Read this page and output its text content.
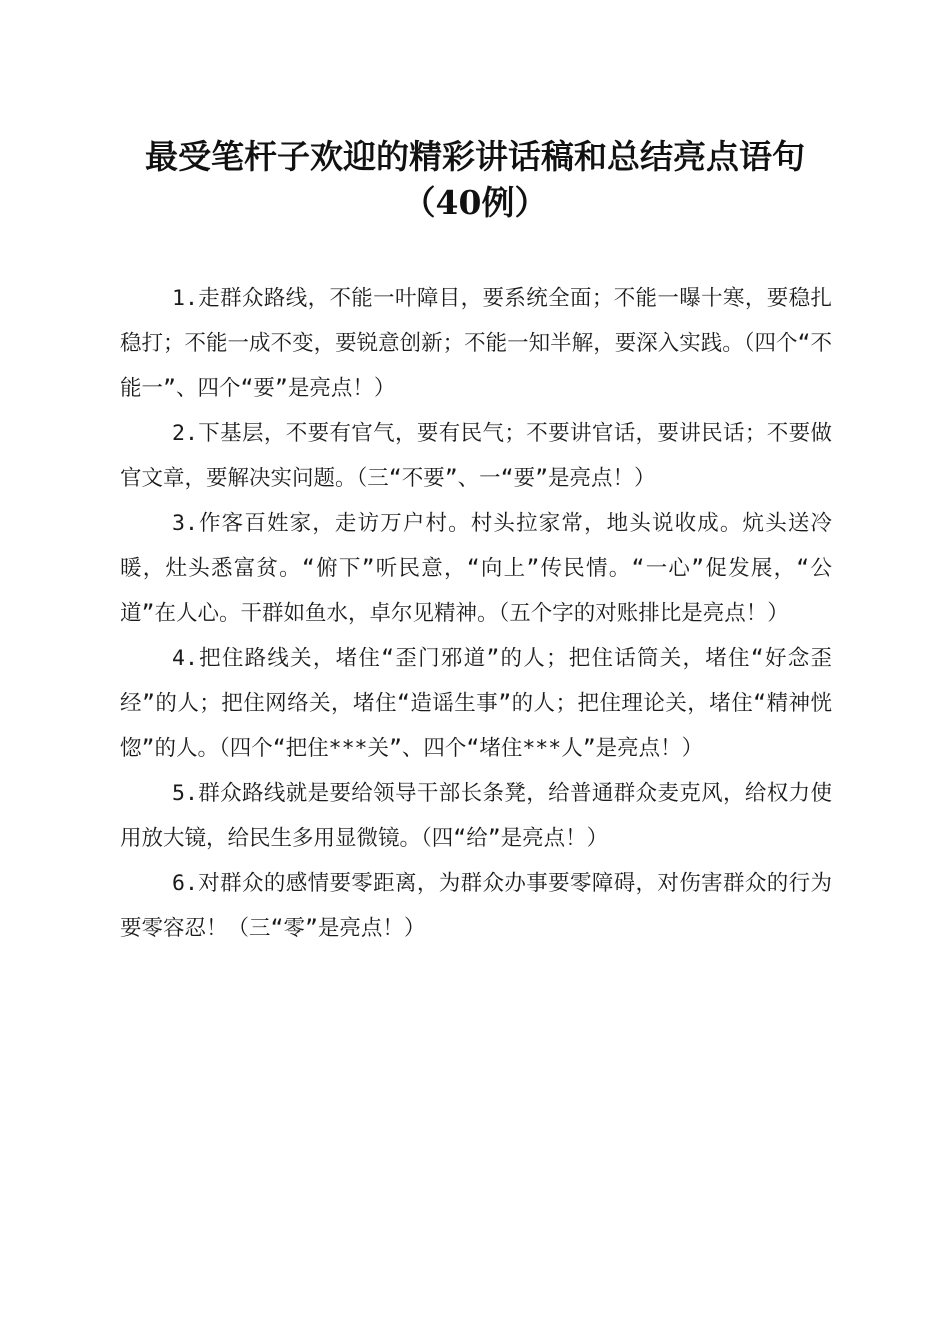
最受笔杆子欢迎的精彩讲话稿和总结亮点语句
（40例）

1.走群众路线，不能一叶障目，要系统全面；不能一曝十寒，要稳扎稳打；不能一成不变，要锐意创新；不能一知半解，要深入实践。（四个“不能一”、四个“要”是亮点！）

2.下基层，不要有官气，要有民气；不要讲官话，要讲民话；不要做官文章，要解决实问题。（三“不要”、一“要”是亮点！）

3.作客百姓家，走访万户村。村头拉家常，地头说收成。炕头送冷暖，灶头悉富贫。“俯下”听民意，“向上”传民情。“一心”促发展，“公道”在人心。干群如鱼水，卓尔见精神。（五个字的对账排比是亮点！）

4.把住路线关，堵住“歪门邪道”的人；把住话筒关，堵住“好念歪经”的人；把住网络关，堵住“造谣生事”的人；把住理论关，堵住“精神恍惚”的人。（四个“把住***关”、四个“堵住***人”是亮点！）

5.群众路线就是要给领导干部长条凳，给普通群众麦克风，给权力使用放大镜，给民生多用显微镜。（四“给”是亮点！）

6.对群众的感情要零距离，为群众办事要零障碍，对伤害群众的行为要零容忍！（三“零”是亮点！）
